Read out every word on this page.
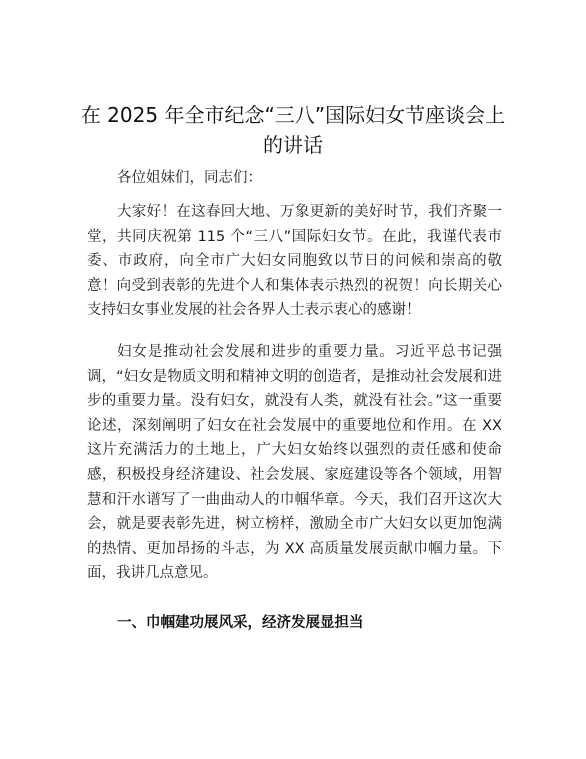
在 2025 年全市纪念“三八”国际妇女节座谈会上的讲话

各位姐妹们，同志们：

大家好！在这春回大地、万象更新的美好时节，我们齐聚一堂，共同庆祝第 115 个“三八”国际妇女节。在此，我谨代表市委、市政府，向全市广大妇女同胞致以节日的问候和崇高的敬意！向受到表彰的先进个人和集体表示热烈的祝贺！向长期关心支持妇女事业发展的社会各界人士表示衷心的感谢！

妇女是推动社会发展和进步的重要力量。习近平总书记强调，“妇女是物质文明和精神文明的创造者，是推动社会发展和进步的重要力量。没有妇女，就没有人类，就没有社会。”这一重要论述，深刻阐明了妇女在社会发展中的重要地位和作用。在 XX 这片充满活力的土地上，广大妇女始终以强烈的责任感和使命感，积极投身经济建设、社会发展、家庭建设等各个领域，用智慧和汗水谱写了一曲曲动人的巾帼华章。今天，我们召开这次大会，就是要表彰先进，树立榜样，激励全市广大妇女以更加饱满的热情、更加昂扬的斗志，为 XX 高质量发展贡献巾帼力量。下面，我讲几点意见。

一、巾帼建功展风采，经济发展显担当
